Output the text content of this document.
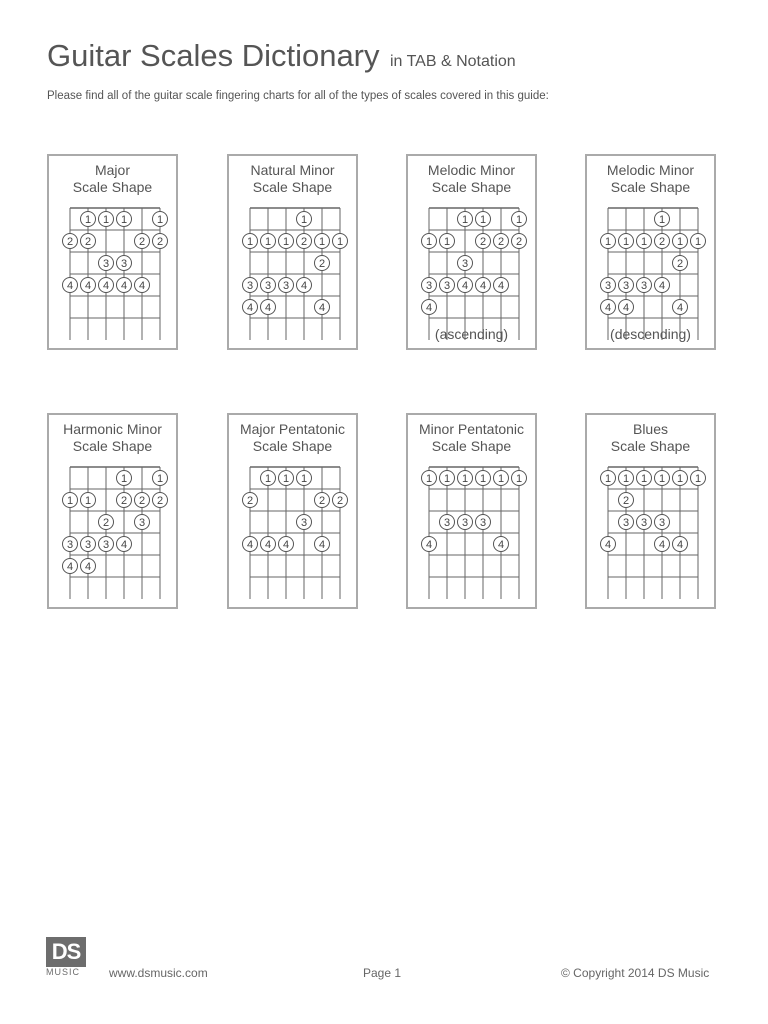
Guitar Scales Dictionary in TAB & Notation
Please find all of the guitar scale fingering charts for all of the types of scales covered in this guide:
Major
Scale Shape
1 1 1	1
2 2	2 2
3 3
4 4 4 4 4
Natural Minor
Scale Shape
1
1 1 1 2 1 1
2
3 3 3 4
4 4	4
Melodic Minor
Scale Shape
1 1	1
1 1	2 2 2
3
3 3 4 4 4
4
(ascending)
Melodic Minor
Scale Shape
1
1 1 1 2 1 1
2
3 3 3 4
4 4	4
(descending)
Harmonic Minor
Scale Shape
1	1
1 1	2 2 2
2	3
3 3 3 4
4 4
Major Pentatonic
Scale Shape
1 1 1
2	2 2
3
4 4 4	4
Minor Pentatonic
Scale Shape
1 1 1 1 1 1
3 3 3
4	4
Blues
Scale Shape
1 1 1 1 1 1
2
3 3 3
4	4 4
DS
MUSIC	www.dsmusic.com	Page 1	© Copyright 2014 DS Music
